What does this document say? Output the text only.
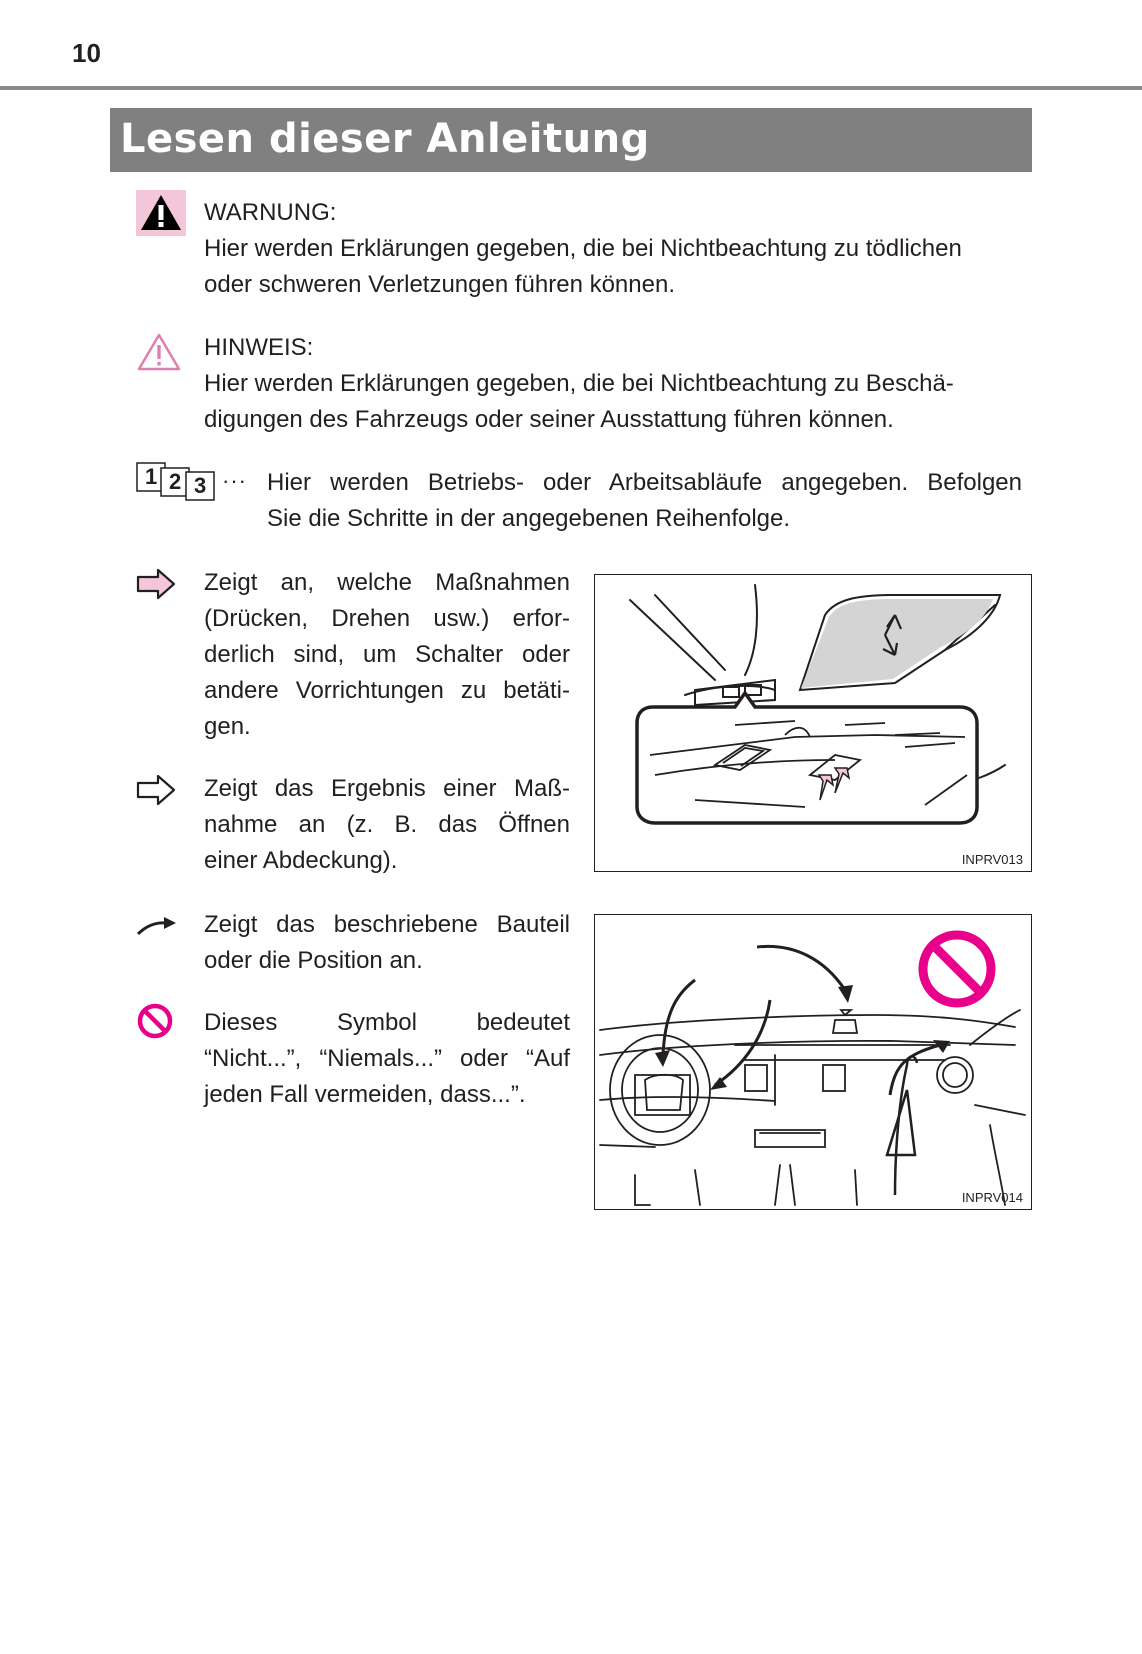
10
Lesen dieser Anleitung
WARNUNG:
Hier werden Erklärungen gegeben, die bei Nichtbeachtung zu tödlichen
oder schweren Verletzungen führen können.
HINWEIS:
Hier werden Erklärungen gegeben, die bei Nichtbeachtung zu Beschä-
digungen des Fahrzeugs oder seiner Ausstattung führen können.
1 2 3 ··· Hier werden Betriebs- oder Arbeitsabläufe angegeben. Befolgen
Sie die Schritte in der angegebenen Reihenfolge.
Zeigt an, welche Maßnahmen
(Drücken, Drehen usw.) erfor-
derlich sind, um Schalter oder
andere Vorrichtungen zu betäti-
gen.
Zeigt das Ergebnis einer Maß-
nahme an (z. B. das Öffnen
einer Abdeckung).
Zeigt das beschriebene Bauteil
oder die Position an.
Dieses Symbol bedeutet
“Nicht...”, “Niemals...” oder “Auf
jeden Fall vermeiden, dass...”.
INPRV013
INPRV014
